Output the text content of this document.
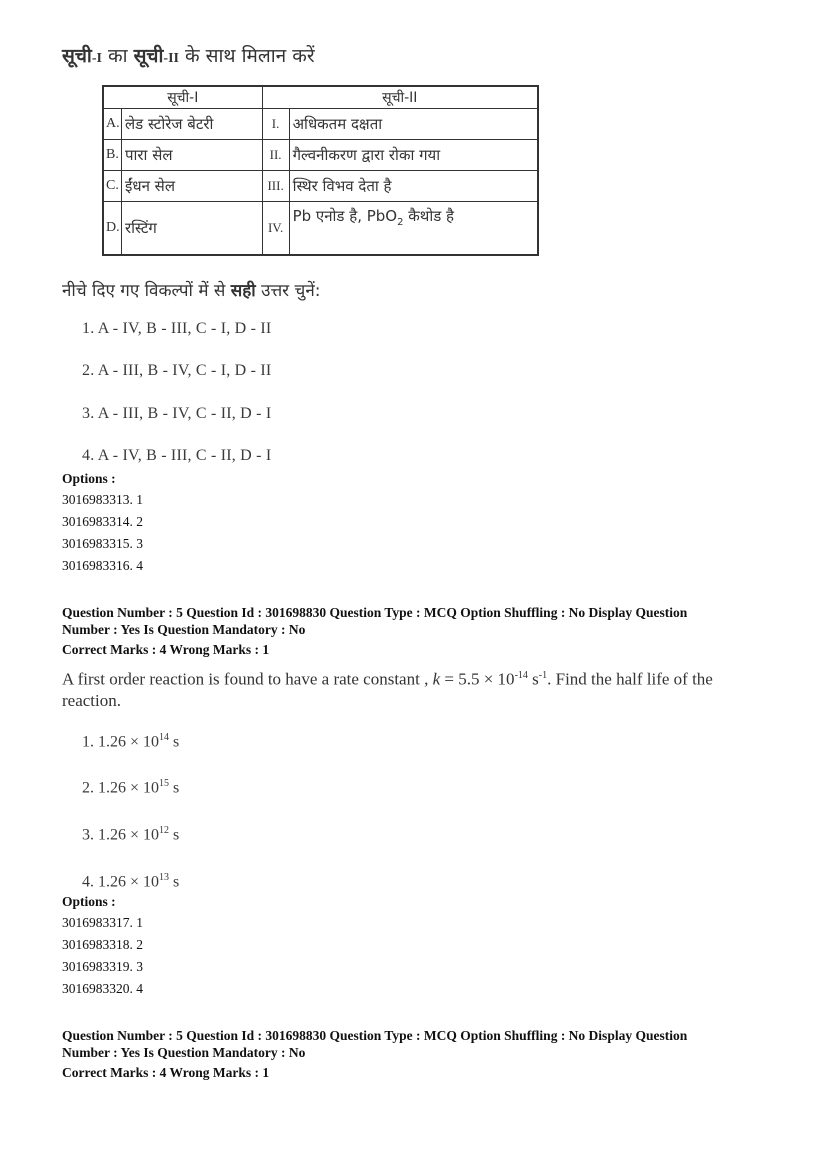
सूची-I का सूची-II के साथ मिलान करें
सूची-I		सूची-II	
A.	लेड स्टोरेज बेटरी	I.	अधिकतम दक्षता
B.	पारा सेल	II.	गैल्वनीकरण द्वारा रोका गया
C.	ईंधन सेल	III.	स्थिर विभव देता है
D.	रस्टिंग	IV.	Pb एनोड है, PbO$_2$ कैथोड है
नीचे दिए गए विकल्पों में से सही उत्तर चुनें:
1. A - IV, B - III, C - I, D - II
2. A - III, B - IV, C - I, D - II
3. A - III, B - IV, C - II, D - I
4. A - IV, B - III, C - II, D - I
Options :
3016983313. 1
3016983314. 2
3016983315. 3
3016983316. 4
Question Number : 5 Question Id : 301698830 Question Type : MCQ Option Shuffling : No Display Question
Number : Yes Is Question Mandatory : No
Correct Marks : 4 Wrong Marks : 1
A first order reaction is found to have a rate constant , $k = 5.5 \times 10^{-14}$ $s^{-1}$. Find the half life of the
reaction.
1. $1.26 \times 10^{14}$ s
2. $1.26 \times 10^{15}$ s
3. $1.26 \times 10^{12}$ s
4. $1.26 \times 10^{13}$ s
Options :
3016983317. 1
3016983318. 2
3016983319. 3
3016983320. 4
Question Number : 5 Question Id : 301698830 Question Type : MCQ Option Shuffling : No Display Question
Number : Yes Is Question Mandatory : No
Correct Marks : 4 Wrong Marks : 1
